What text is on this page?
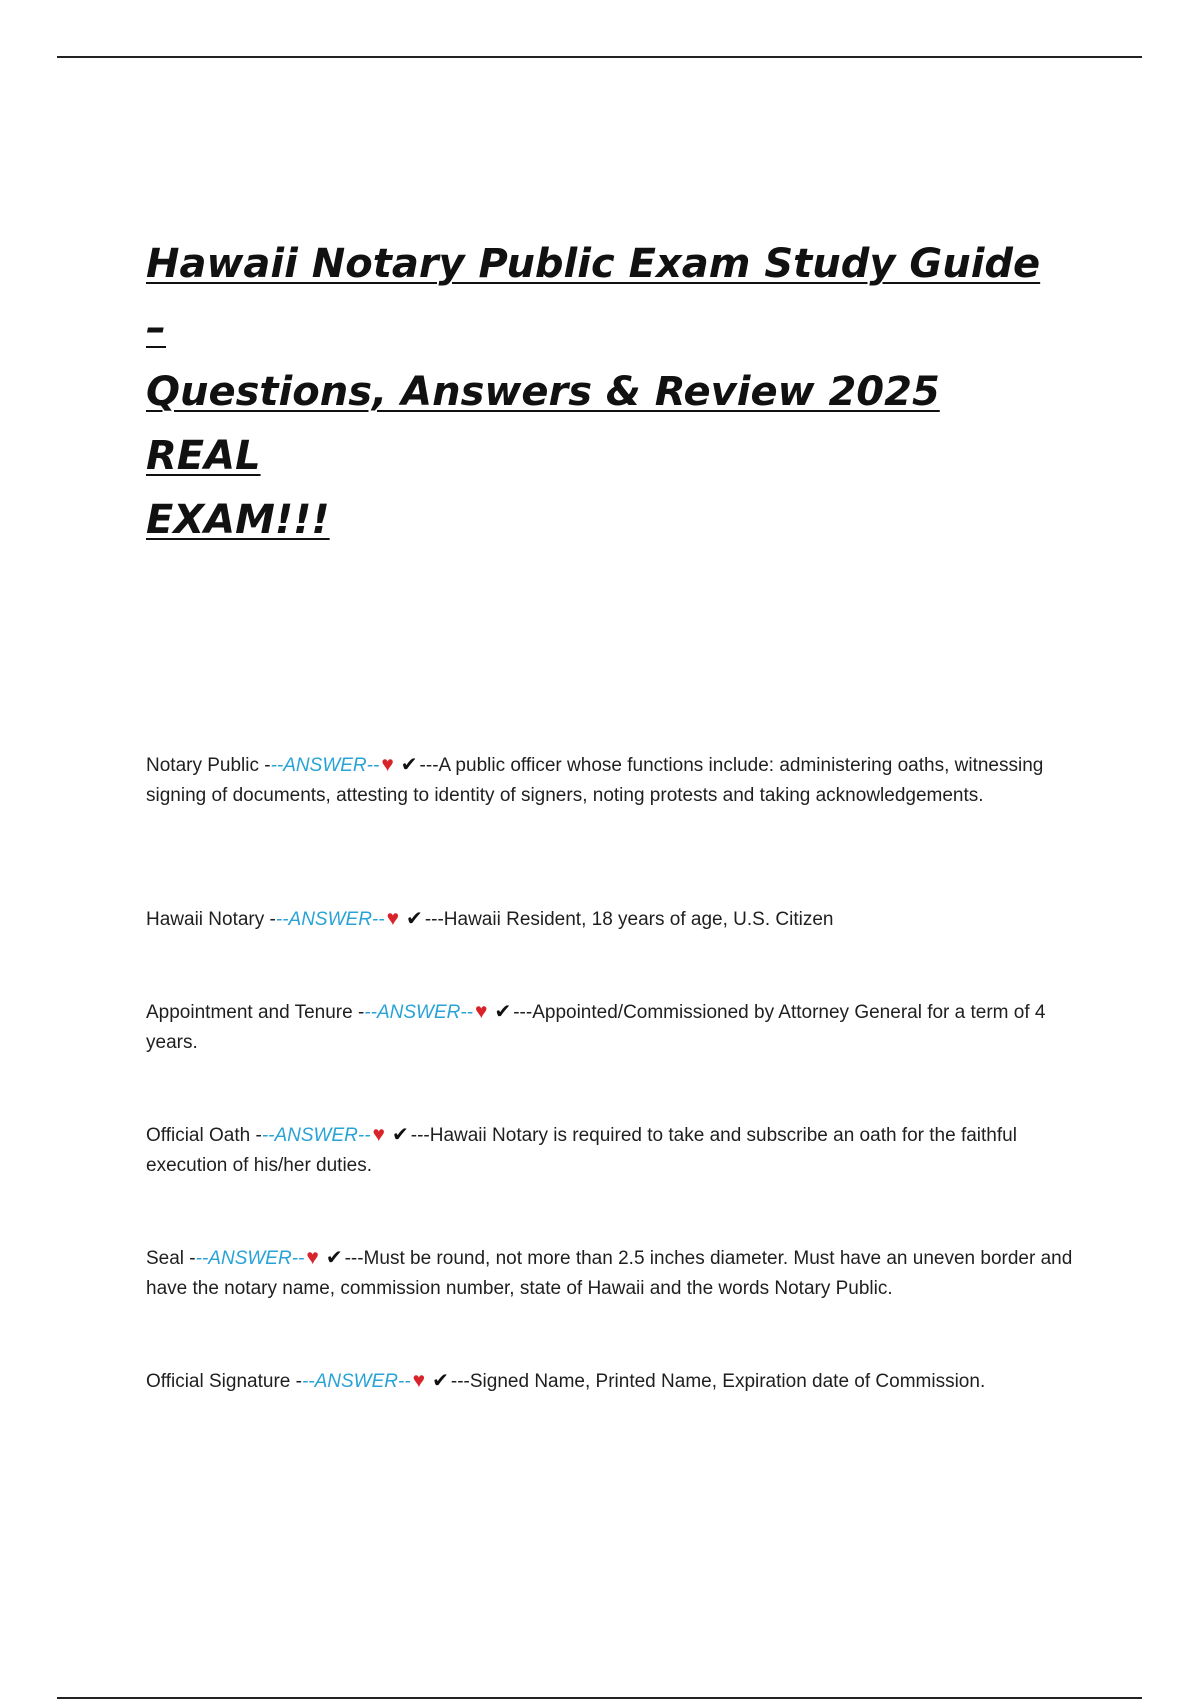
Hawaii Notary Public Exam Study Guide –
Questions, Answers & Review 2025 REAL
EXAM!!!

Notary Public ---ANSWER--♥ ✔ ---A public officer whose functions include: administering oaths, witnessing signing of documents, attesting to identity of signers, noting protests and taking acknowledgements.

Hawaii Notary ---ANSWER--♥ ✔ ---Hawaii Resident, 18 years of age, U.S. Citizen

Appointment and Tenure ---ANSWER--♥ ✔ ---Appointed/Commissioned by Attorney General for a term of 4 years.

Official Oath ---ANSWER--♥ ✔ ---Hawaii Notary is required to take and subscribe an oath for the faithful execution of his/her duties.

Seal ---ANSWER--♥ ✔ ---Must be round, not more than 2.5 inches diameter. Must have an uneven border and have the notary name, commission number, state of Hawaii and the words Notary Public.

Official Signature ---ANSWER--♥ ✔ ---Signed Name, Printed Name, Expiration date of Commission.
